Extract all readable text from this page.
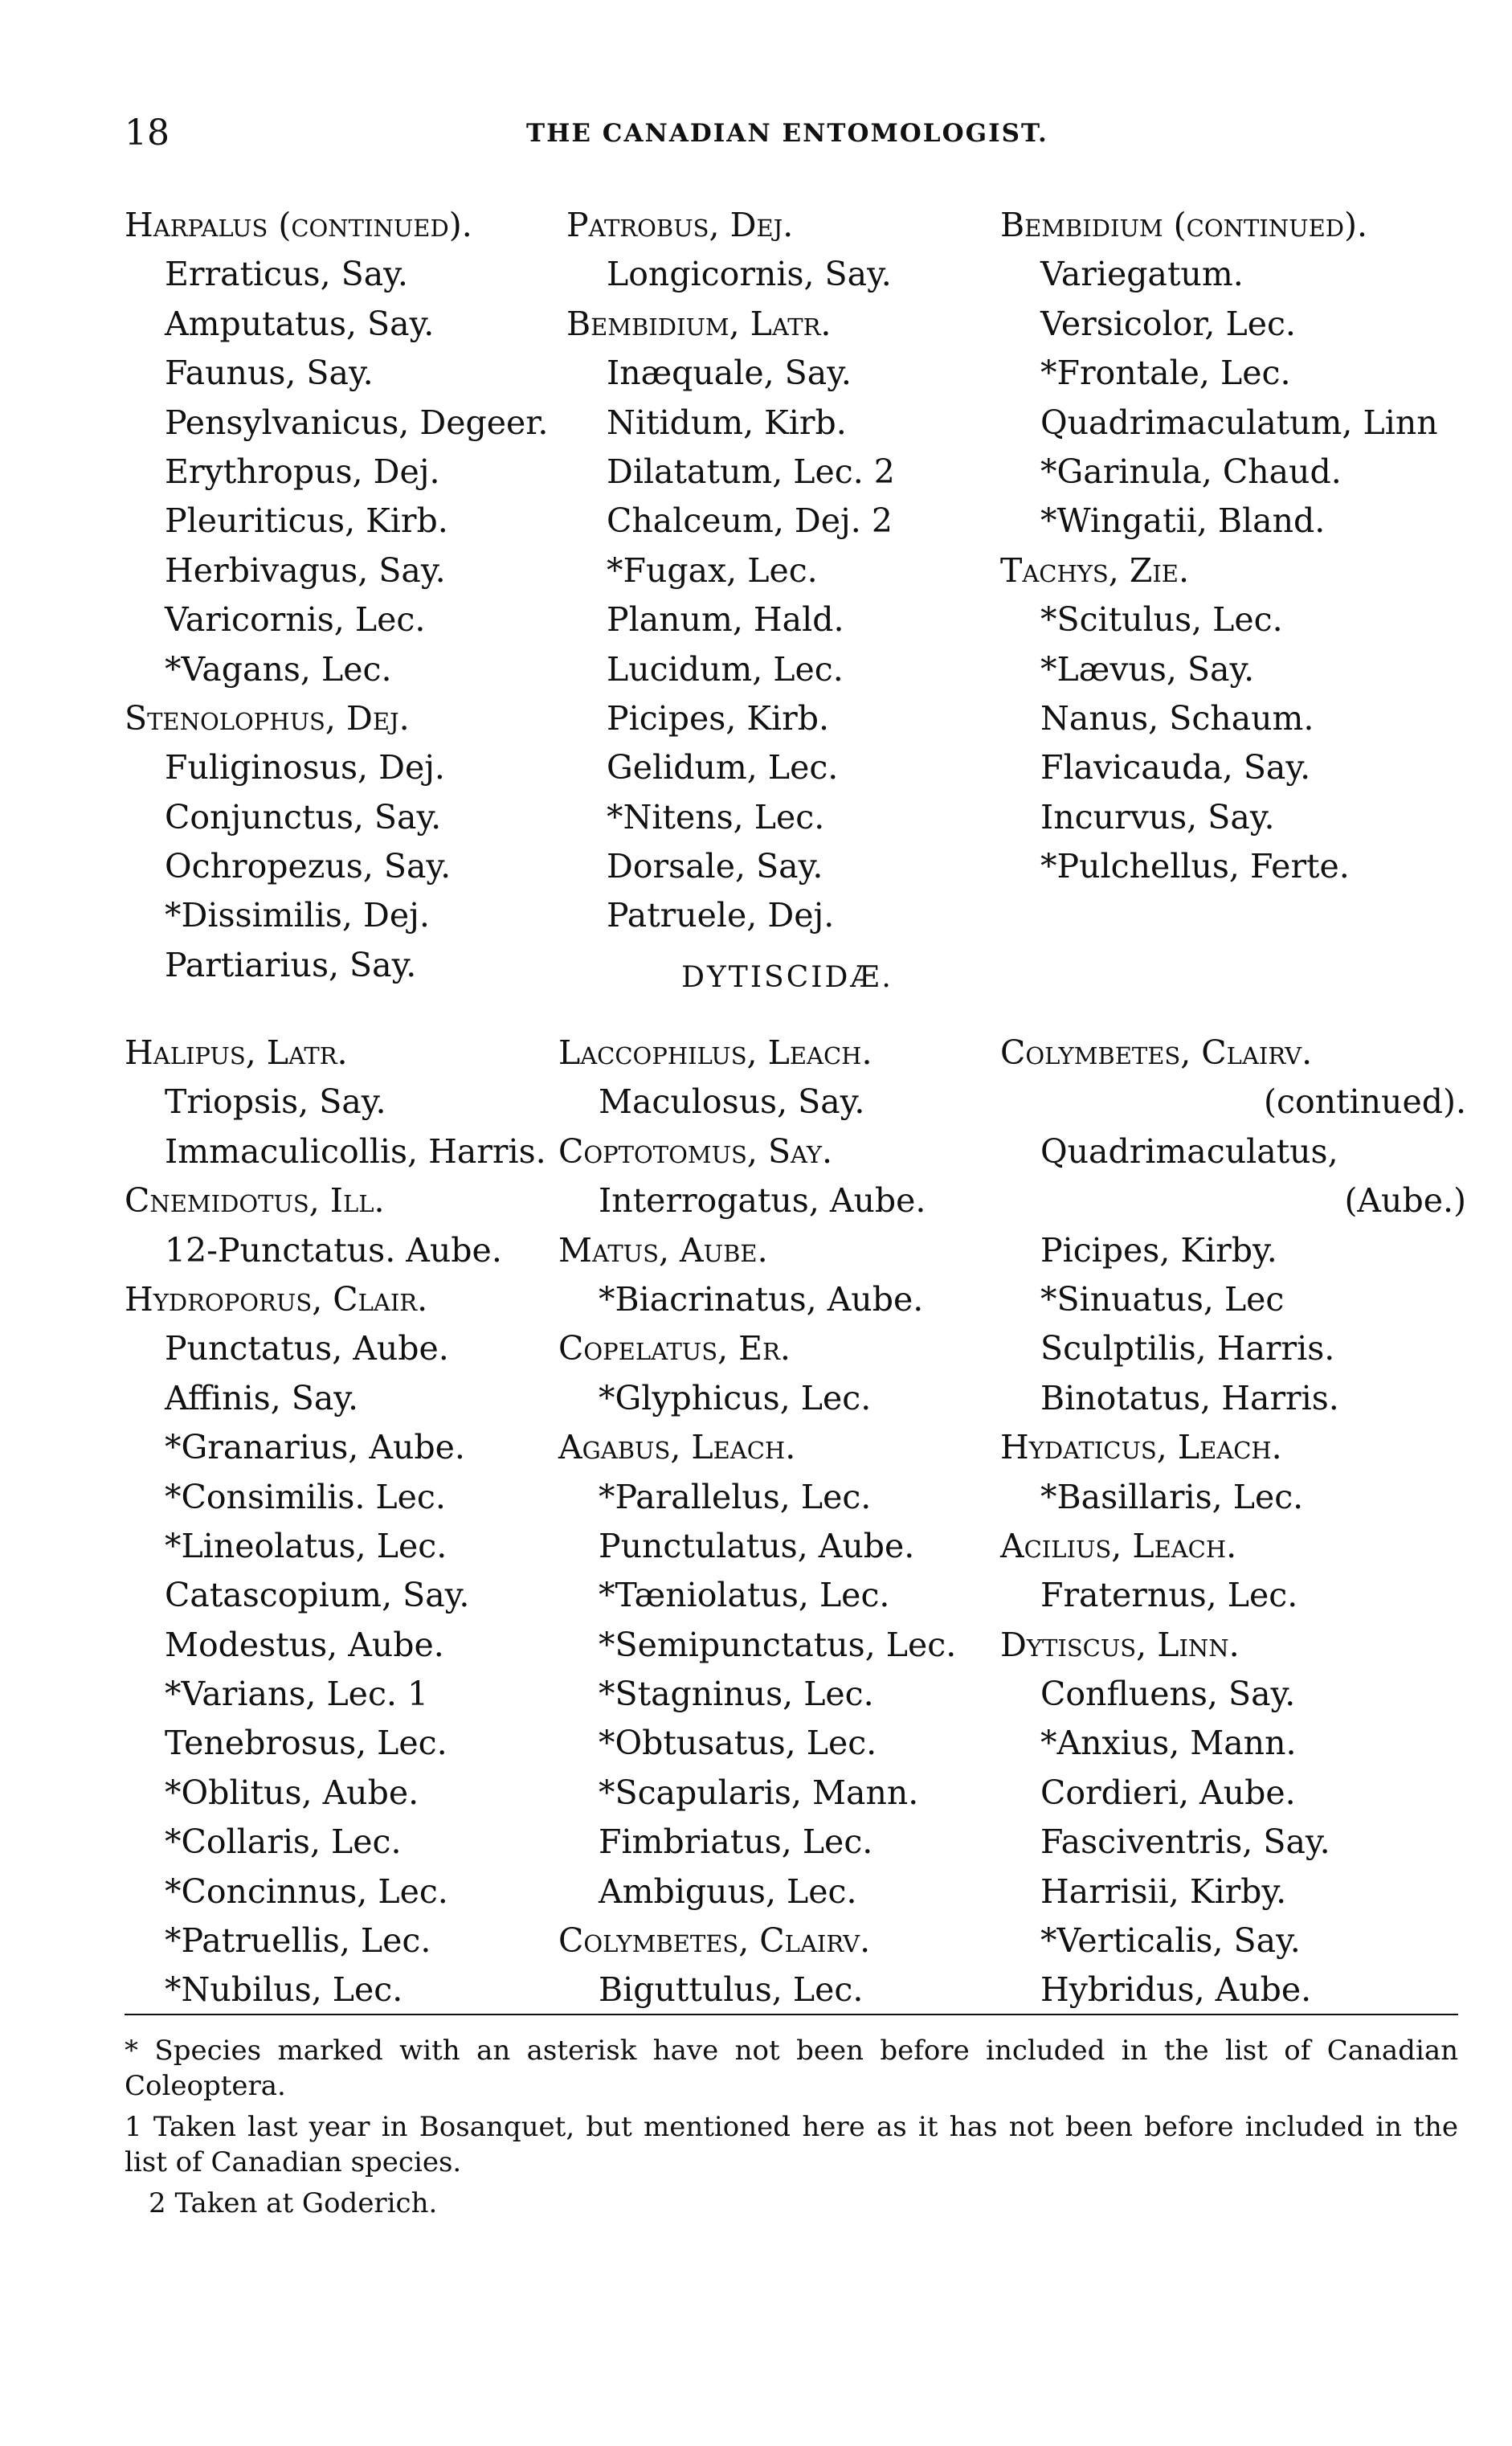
18	THE CANADIAN ENTOMOLOGIST.
Harpalus (continued).
Erraticus, Say.
Amputatus, Say.
Faunus, Say.
Pensylvanicus, Degeer.
Erythropus, Dej.
Pleuriticus, Kirb.
Herbivagus, Say.
Varicornis, Lec.
*Vagans, Lec.
Stenolophus, Dej.
Fuliginosus, Dej.
Conjunctus, Say.
Ochropezus, Say.
*Dissimilis, Dej.
Partiarius, Say.
Patrobus, Dej.
Longicornis, Say.
Bembidium, Latr.
Inæquale, Say.
Nitidum, Kirb.
Dilatatum, Lec. 2
Chalceum, Dej. 2
*Fugax, Lec.
Planum, Hald.
Lucidum, Lec.
Picipes, Kirb.
Gelidum, Lec.
*Nitens, Lec.
Dorsale, Say.
Patruele, Dej.
Bembidium (continued).
Variegatum.
Versicolor, Lec.
*Frontale, Lec.
Quadrimaculatum, Linn
*Garinula, Chaud.
*Wingatii, Bland.
Tachys, Zie.
*Scitulus, Lec.
*Lævus, Say.
Nanus, Schaum.
Flavicauda, Say.
Incurvus, Say.
*Pulchellus, Ferte.
DYTISCIDÆ.
Halipus, Latr.
Triopsis, Say.
Immaculicollis, Harris.
Cnemidotus, Ill.
12-Punctatus. Aube.
Hydroporus, Clair.
Punctatus, Aube.
Affinis, Say.
*Granarius, Aube.
*Consimilis. Lec.
*Lineolatus, Lec.
Catascopium, Say.
Modestus, Aube.
*Varians, Lec. 1
Tenebrosus, Lec.
*Oblitus, Aube.
*Collaris, Lec.
*Concinnus, Lec.
*Patruellis, Lec.
*Nubilus, Lec.
Laccophilus, Leach.
Maculosus, Say.
Coptotomus, Say.
Interrogatus, Aube.
Matus, Aube.
*Biacrinatus, Aube.
Copelatus, Er.
*Glyphicus, Lec.
Agabus, Leach.
*Parallelus, Lec.
Punctulatus, Aube.
*Tæniolatus, Lec.
*Semipunctatus, Lec.
*Stagninus, Lec.
*Obtusatus, Lec.
*Scapularis, Mann.
Fimbriatus, Lec.
Ambiguus, Lec.
Colymbetes, Clairv.
Biguttulus, Lec.
Colymbetes, Clairv.
(continued).
Quadrimaculatus,
(Aube.)
Picipes, Kirby.
*Sinuatus, Lec
Sculptilis, Harris.
Binotatus, Harris.
Hydaticus, Leach.
*Basillaris, Lec.
Acilius, Leach.
Fraternus, Lec.
Dytiscus, Linn.
Confluens, Say.
*Anxius, Mann.
Cordieri, Aube.
Fasciventris, Say.
Harrisii, Kirby.
*Verticalis, Say.
Hybridus, Aube.

* Species marked with an asterisk have not been before included in the list of Canadian Coleoptera.

1 Taken last year in Bosanquet, but mentioned here as it has not been before included in the list of Canadian species.

2 Taken at Goderich.
